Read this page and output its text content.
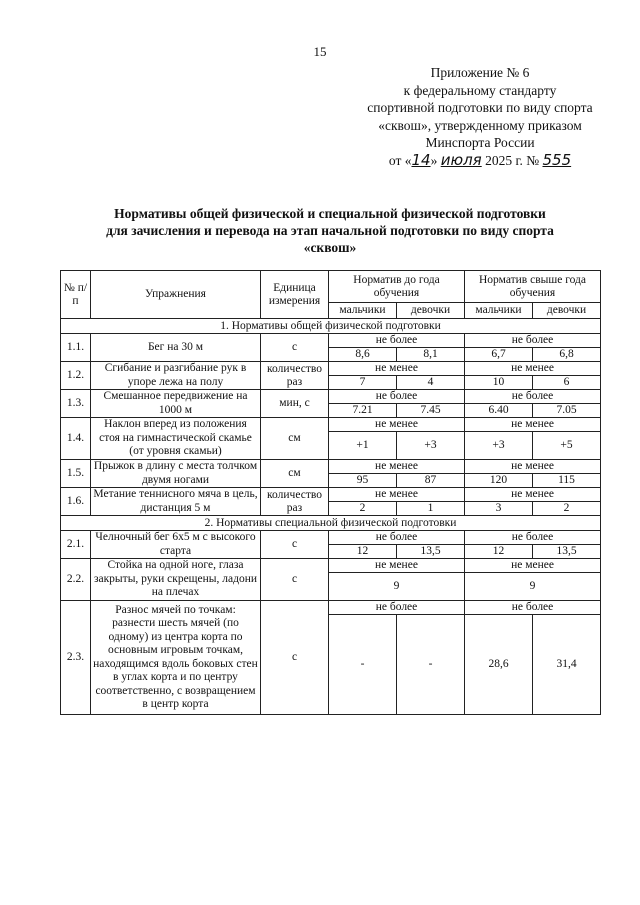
15
Приложение № 6
к федеральному стандарту
спортивной подготовки по виду спорта
«сквош», утвержденному приказом
Минспорта России
от «14» июля 2025 г. № 555
Нормативы общей физической и специальной физической подготовки
для зачисления и перевода на этап начальной подготовки по виду спорта
«сквош»
№ п/п	Упражнения	Единица измерения	Норматив до года обучения		Норматив свыше года обучения	
			мальчики	девочки	мальчики	девочки
1. Нормативы общей физической подготовки						
1.1.	Бег на 30 м	с	не более		не более	
			8,6	8,1	6,7	6,8
1.2.	Сгибание и разгибание рук в упоре лежа на полу	количество раз	не менее		не менее	
			7	4	10	6
1.3.	Смешанное передвижение на 1000 м	мин, с	не более		не более	
			7.21	7.45	6.40	7.05
1.4.	Наклон вперед из положения стоя на гимнастической скамье (от уровня скамьи)	см	не менее		не менее	
			+1	+3	+3	+5
1.5.	Прыжок в длину с места толчком двумя ногами	см	не менее		не менее	
			95	87	120	115
1.6.	Метание теннисного мяча в цель, дистанция 5 м	количество раз	не менее		не менее	
			2	1	3	2
2. Нормативы специальной физической подготовки						
2.1.	Челночный бег 6х5 м с высокого старта	с	не более		не более	
			12	13,5	12	13,5
2.2.	Стойка на одной ноге, глаза закрыты, руки скрещены, ладони на плечах	с	не менее		не менее	
			9		9	
2.3.	Разнос мячей по точкам: разнести шесть мячей (по одному) из центра корта по основным игровым точкам, находящимся вдоль боковых стен в углах корта и по центру соответственно, с возвращением в центр корта	с	не более		не более	
			-	-	28,6	31,4
